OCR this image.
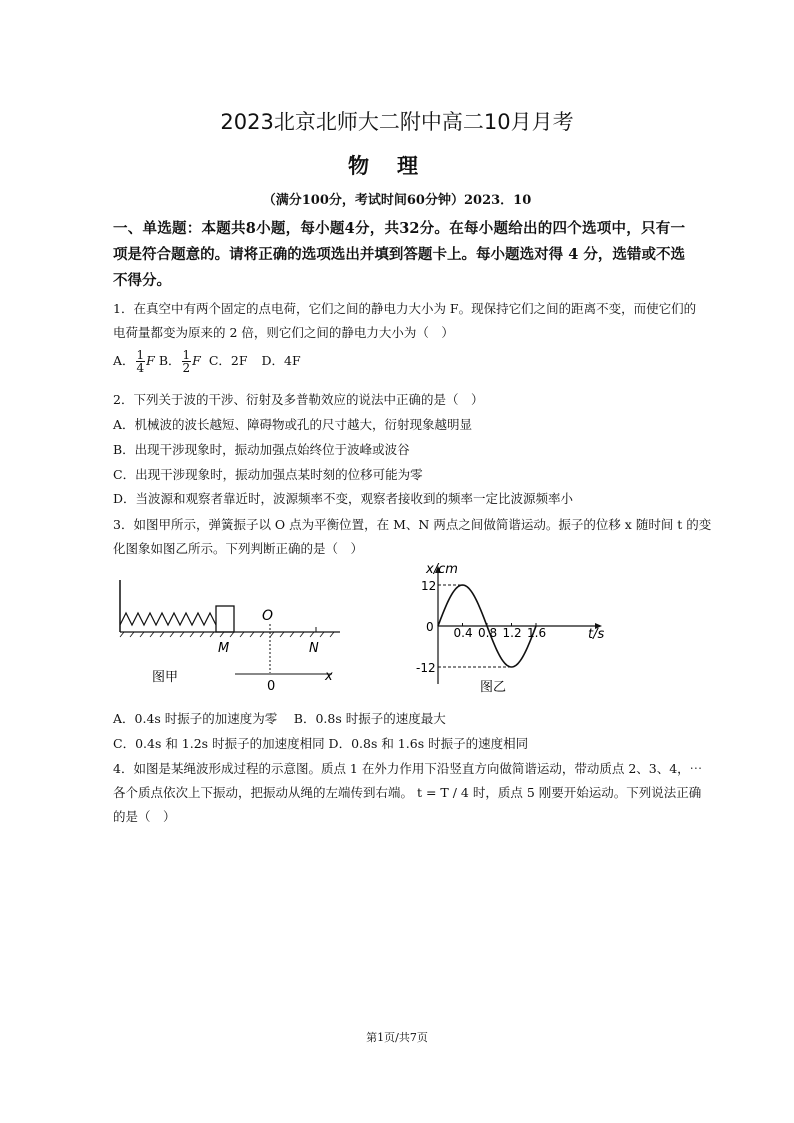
2023北京北师大二附中高二10月月考
物理
（满分100分，考试时间60分钟）2023．10
一、单选题：本题共8小题，每小题4分，共32分。在每小题给出的四个选项中，只有一项是符合题意的。请将正确的选项选出并填到答题卡上。每小题选对得 4 分，选错或不选不得分。
1．在真空中有两个固定的点电荷，它们之间的静电力大小为 F。现保持它们之间的距离不变，而使它们的
电荷量都变为原来的 2 倍，则它们之间的静电力大小为（　）
A． $\frac{1}{4}$ F B． $\frac{1}{2}$ F C．2F D．4F
2．下列关于波的干涉、衍射及多普勒效应的说法中正确的是（　）
A．机械波的波长越短、障碍物或孔的尺寸越大，衍射现象越明显
B．出现干涉现象时，振动加强点始终位于波峰或波谷
C．出现干涉现象时，振动加强点某时刻的位移可能为零
D．当波源和观察者靠近时，波源频率不变，观察者接收到的频率一定比波源频率小
3．如图甲所示，弹簧振子以 O 点为平衡位置，在 M、N 两点之间做简谐运动。振子的位移 x 随时间 t 的变
化图象如图乙所示。下列判断正确的是（　）
O
M	N
0
x
图甲
0.4 0.8 1.2 1.6
12
0
-12
x/cm
t/s
图乙
A．0.4s 时振子的加速度为零　 B．0.8s 时振子的速度最大
C．0.4s 和 1.2s 时振子的加速度相同 D．0.8s 和 1.6s 时振子的速度相同
4．如图是某绳波形成过程的示意图。质点 1 在外力作用下沿竖直方向做简谐运动，带动质点 2、3、4，⋯
各个质点依次上下振动，把振动从绳的左端传到右端。 t = T / 4 时，质点 5 刚要开始运动。下列说法正确
的是（　）
第1页/共7页
